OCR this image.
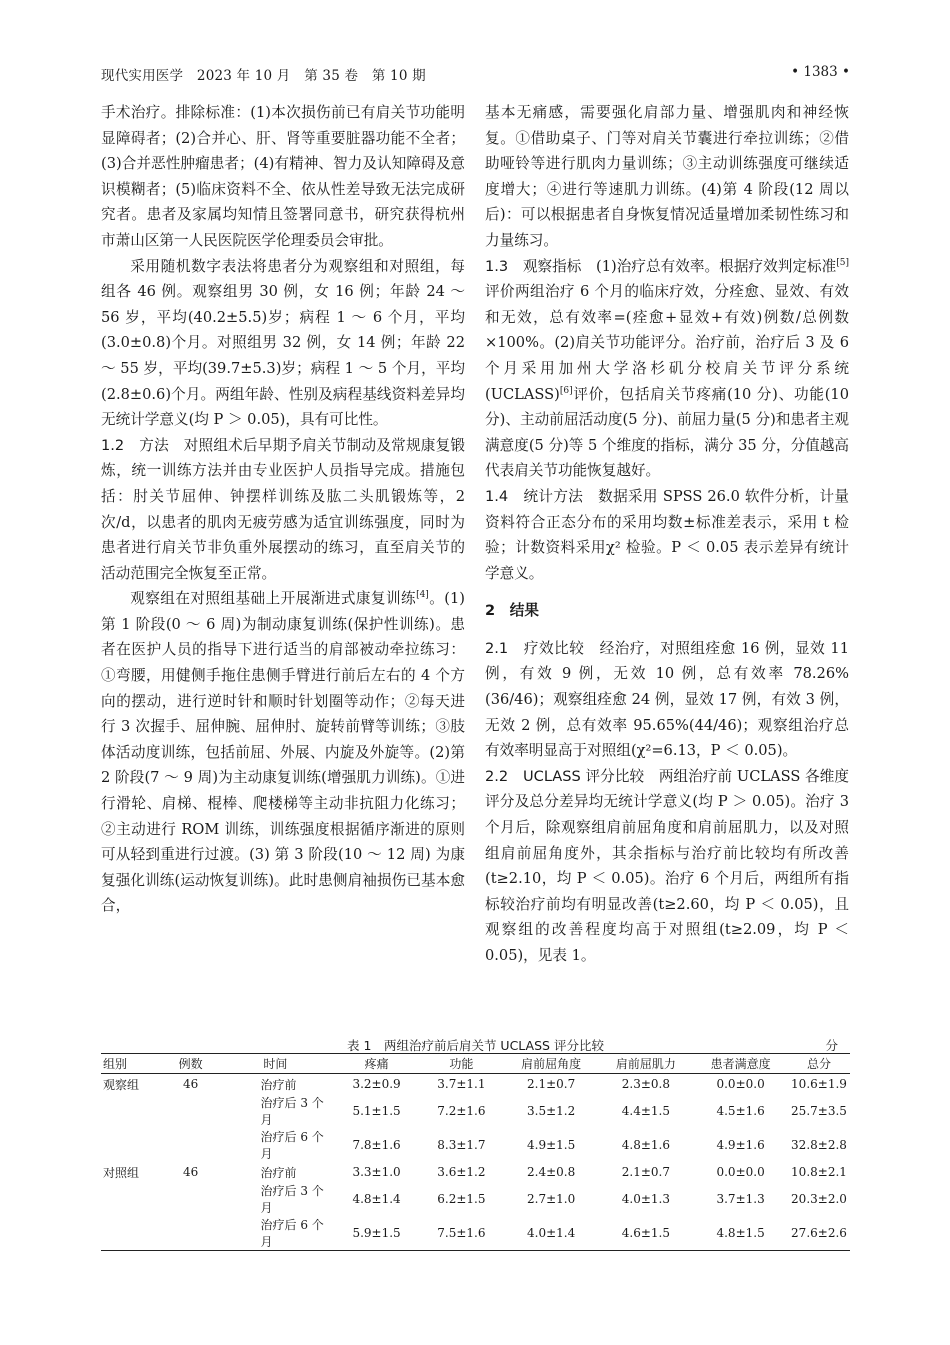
现代实用医学　2023 年 10 月　第 35 卷　第 10 期	• 1383 •

手术治疗。排除标准：(1)本次损伤前已有肩关节功能明显障碍者；(2)合并心、肝、肾等重要脏器功能不全者；(3)合并恶性肿瘤患者；(4)有精神、智力及认知障碍及意识模糊者；(5)临床资料不全、依从性差导致无法完成研究者。患者及家属均知情且签署同意书，研究获得杭州市萧山区第一人民医院医学伦理委员会审批。

采用随机数字表法将患者分为观察组和对照组，每组各 46 例。观察组男 30 例，女 16 例；年龄 24 ～ 56 岁，平均(40.2±5.5)岁；病程 1 ～ 6 个月，平均(3.0±0.8)个月。对照组男 32 例，女 14 例；年龄 22 ～ 55 岁，平均(39.7±5.3)岁；病程 1 ～ 5 个月，平均(2.8±0.6)个月。两组年龄、性别及病程基线资料差异均无统计学意义(均 P ＞ 0.05)，具有可比性。

1.2　方法　对照组术后早期予肩关节制动及常规康复锻炼，统一训练方法并由专业医护人员指导完成。措施包括：肘关节屈伸、钟摆样训练及肱二头肌锻炼等，2 次/d，以患者的肌肉无疲劳感为适宜训练强度，同时为患者进行肩关节非负重外展摆动的练习，直至肩关节的活动范围完全恢复至正常。

观察组在对照组基础上开展渐进式康复训练[4]。(1)第 1 阶段(0 ～ 6 周)为制动康复训练(保护性训练)。患者在医护人员的指导下进行适当的肩部被动牵拉练习：①弯腰，用健侧手拖住患侧手臂进行前后左右的 4 个方向的摆动，进行逆时针和顺时针划圈等动作；②每天进行 3 次握手、屈伸腕、屈伸肘、旋转前臂等训练；③肢体活动度训练，包括前屈、外展、内旋及外旋等。(2)第 2 阶段(7 ～ 9 周)为主动康复训练(增强肌力训练)。①进行滑轮、肩梯、棍棒、爬楼梯等主动非抗阻力化练习；②主动进行 ROM 训练，训练强度根据循序渐进的原则可从轻到重进行过渡。(3) 第 3 阶段(10 ～ 12 周) 为康复强化训练(运动恢复训练)。此时患侧肩袖损伤已基本愈合，

基本无痛感，需要强化肩部力量、增强肌肉和神经恢复。①借助桌子、门等对肩关节囊进行牵拉训练；②借助哑铃等进行肌肉力量训练；③主动训练强度可继续适度增大；④进行等速肌力训练。(4)第 4 阶段(12 周以后)：可以根据患者自身恢复情况适量增加柔韧性练习和力量练习。

1.3　观察指标　(1)治疗总有效率。根据疗效判定标准[5]评价两组治疗 6 个月的临床疗效，分痊愈、显效、有效和无效，总有效率=(痊愈+显效+有效)例数/总例数×100%。(2)肩关节功能评分。治疗前，治疗后 3 及 6 个月采用加州大学洛杉矶分校肩关节评分系统(UCLASS)[6]评价，包括肩关节疼痛(10 分)、功能(10 分)、主动前屈活动度(5 分)、前屈力量(5 分)和患者主观满意度(5 分)等 5 个维度的指标，满分 35 分，分值越高代表肩关节功能恢复越好。

1.4　统计方法　数据采用 SPSS 26.0 软件分析，计量资料符合正态分布的采用均数±标准差表示，采用 t 检验；计数资料采用χ² 检验。P ＜ 0.05 表示差异有统计学意义。

2　结果

2.1　疗效比较　经治疗，对照组痊愈 16 例，显效 11 例，有效 9 例，无效 10 例，总有效率 78.26%(36/46)；观察组痊愈 24 例，显效 17 例，有效 3 例，无效 2 例，总有效率 95.65%(44/46)；观察组治疗总有效率明显高于对照组(χ²=6.13，P ＜ 0.05)。

2.2　UCLASS 评分比较　两组治疗前 UCLASS 各维度评分及总分差异均无统计学意义(均 P ＞ 0.05)。治疗 3 个月后，除观察组肩前屈角度和肩前屈肌力，以及对照组肩前屈角度外，其余指标与治疗前比较均有所改善(t≥2.10，均 P ＜ 0.05)。治疗 6 个月后，两组所有指标较治疗前均有明显改善(t≥2.60，均 P ＜ 0.05)，且观察组的改善程度均高于对照组(t≥2.09，均 P ＜ 0.05)，见表 1。

表 1　两组治疗前后肩关节 UCLASS 评分比较	分
组别	例数	时间	疼痛	功能	肩前屈角度	肩前屈肌力	患者满意度	总分
观察组	46	治疗前	3.2±0.9	3.7±1.1	2.1±0.7	2.3±0.8	0.0±0.0	10.6±1.9
		治疗后 3 个月	5.1±1.5	7.2±1.6	3.5±1.2	4.4±1.5	4.5±1.6	25.7±3.5
		治疗后 6 个月	7.8±1.6	8.3±1.7	4.9±1.5	4.8±1.6	4.9±1.6	32.8±2.8
对照组	46	治疗前	3.3±1.0	3.6±1.2	2.4±0.8	2.1±0.7	0.0±0.0	10.8±2.1
		治疗后 3 个月	4.8±1.4	6.2±1.5	2.7±1.0	4.0±1.3	3.7±1.3	20.3±2.0
		治疗后 6 个月	5.9±1.5	7.5±1.6	4.0±1.4	4.6±1.5	4.8±1.5	27.6±2.6
